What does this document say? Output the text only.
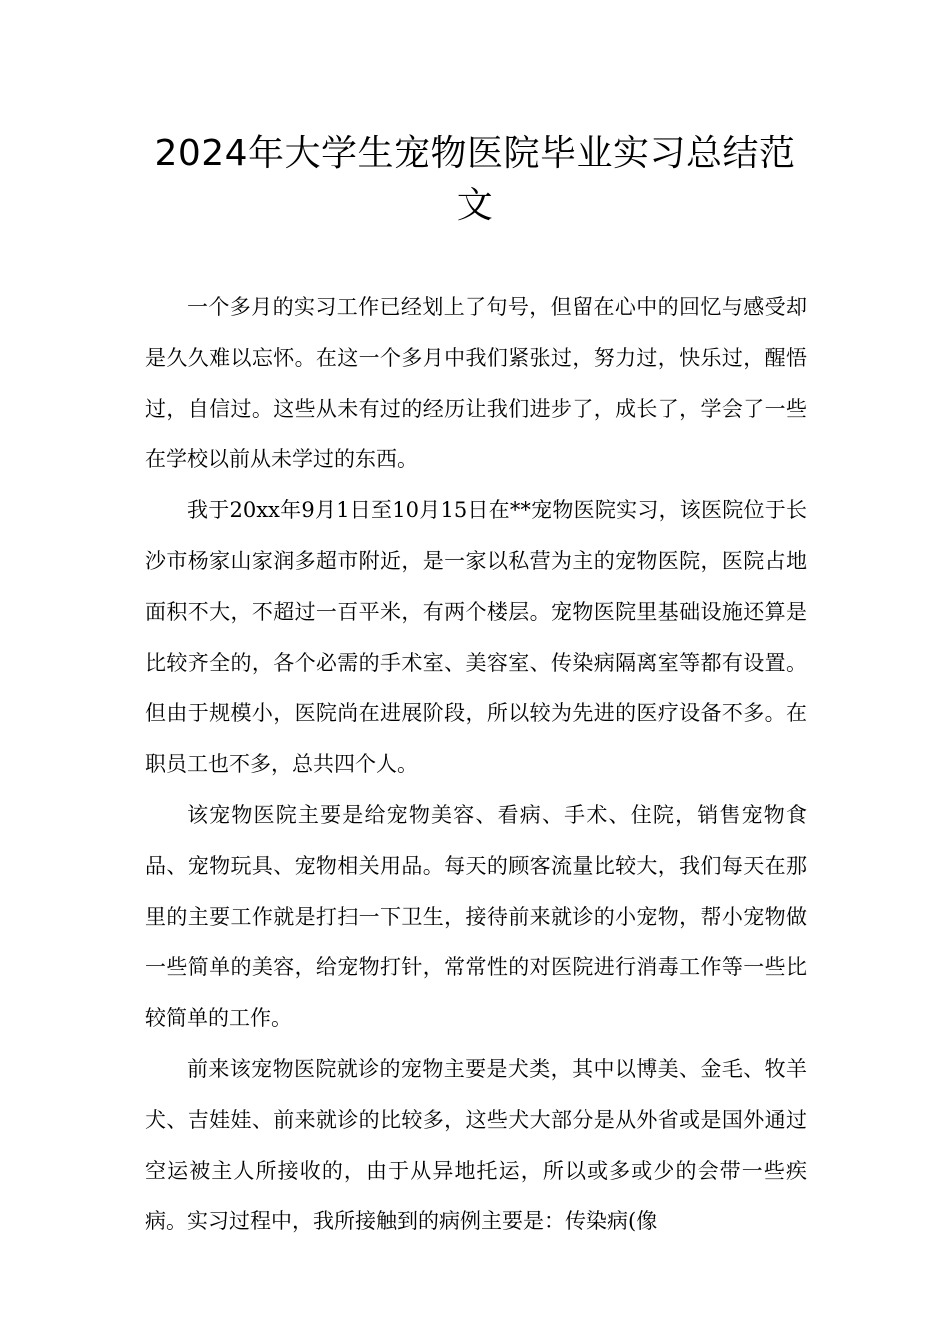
2024年大学生宠物医院毕业实习总结范
文

一个多月的实习工作已经划上了句号，但留在心中的回忆与感受却是久久难以忘怀。在这一个多月中我们紧张过，努力过，快乐过，醒悟过，自信过。这些从未有过的经历让我们进步了，成长了，学会了一些在学校以前从未学过的东西。

我于20xx年9月1日至10月15日在**宠物医院实习，该医院位于长沙市杨家山家润多超市附近，是一家以私营为主的宠物医院，医院占地面积不大，不超过一百平米，有两个楼层。宠物医院里基础设施还算是比较齐全的，各个必需的手术室、美容室、传染病隔离室等都有设置。但由于规模小，医院尚在进展阶段，所以较为先进的医疗设备不多。在职员工也不多，总共四个人。

该宠物医院主要是给宠物美容、看病、手术、住院，销售宠物食品、宠物玩具、宠物相关用品。每天的顾客流量比较大，我们每天在那里的主要工作就是打扫一下卫生，接待前来就诊的小宠物，帮小宠物做一些简单的美容，给宠物打针，常常性的对医院进行消毒工作等一些比较简单的工作。

前来该宠物医院就诊的宠物主要是犬类，其中以博美、金毛、牧羊犬、吉娃娃、前来就诊的比较多，这些犬大部分是从外省或是国外通过空运被主人所接收的，由于从异地托运，所以或多或少的会带一些疾病。实习过程中，我所接触到的病例主要是：传染病(像
